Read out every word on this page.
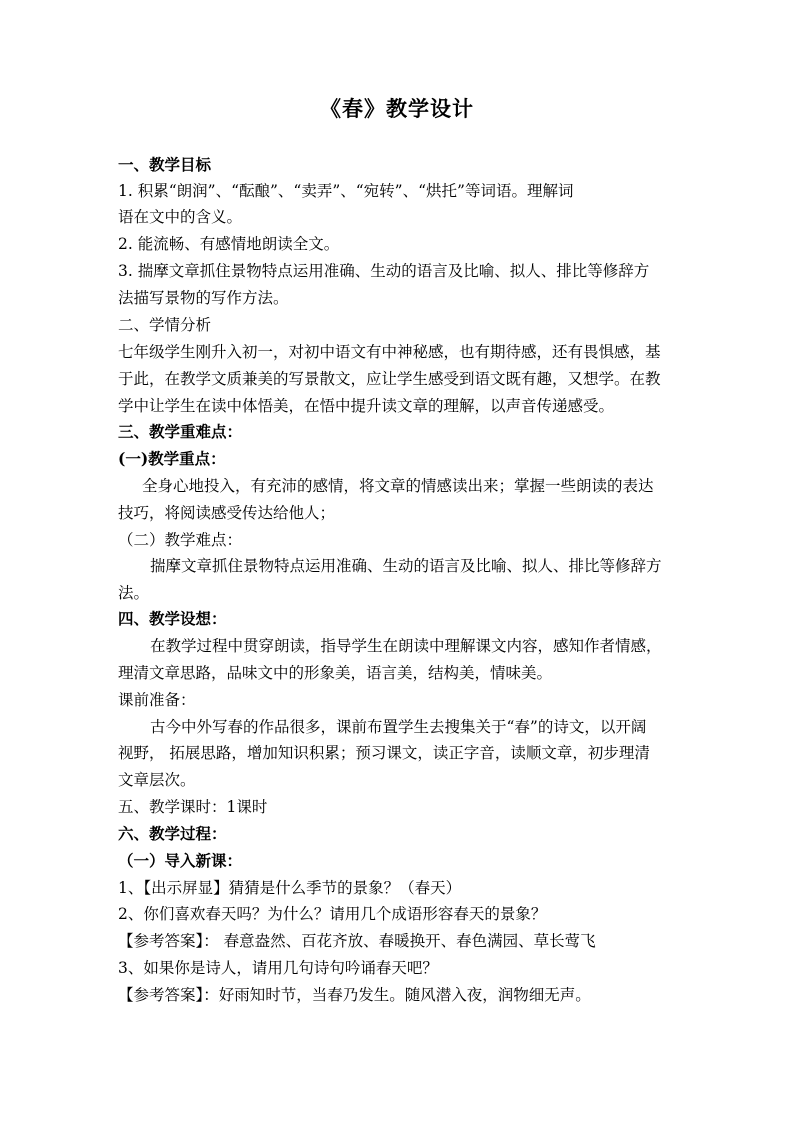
《春》教学设计
一、教学目标
1. 积累“朗润”、“酝酿”、“卖弄”、“宛转”、“烘托”等词语。理解词
语在文中的含义。
2. 能流畅、有感情地朗读全文。
3. 揣摩文章抓住景物特点运用准确、生动的语言及比喻、拟人、排比等修辞方
法描写景物的写作方法。
二、学情分析
七年级学生刚升入初一，对初中语文有中神秘感，也有期待感，还有畏惧感，基
于此，在教学文质兼美的写景散文，应让学生感受到语文既有趣，又想学。在教
学中让学生在读中体悟美，在悟中提升读文章的理解，以声音传递感受。
三、教学重难点：
(一)教学重点：
全身心地投入，有充沛的感情，将文章的情感读出来；掌握一些朗读的表达
技巧，将阅读感受传达给他人；
（二）教学难点：
揣摩文章抓住景物特点运用准确、生动的语言及比喻、拟人、排比等修辞方
法。
四、教学设想：
在教学过程中贯穿朗读，指导学生在朗读中理解课文内容，感知作者情感，
理清文章思路，品味文中的形象美，语言美，结构美，情味美。
课前准备：
古今中外写春的作品很多，课前布置学生去搜集关于“春”的诗文，以开阔
视野， 拓展思路，增加知识积累；预习课文，读正字音，读顺文章，初步理清
文章层次。
五、教学课时：1课时
六、教学过程：
（一）导入新课：
1、【出示屏显】猜猜是什么季节的景象？（春天）
2、你们喜欢春天吗？为什么？请用几个成语形容春天的景象？
【参考答案】： 春意盎然、百花齐放、春暖换开、春色满园、草长莺飞
3、如果你是诗人，请用几句诗句吟诵春天吧？
【参考答案】：好雨知时节，当春乃发生。随风潜入夜，润物细无声。
